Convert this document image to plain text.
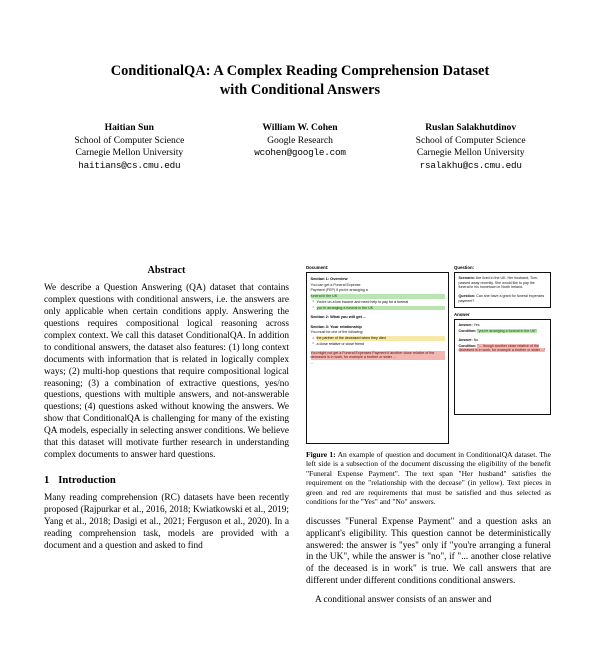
ConditionalQA: A Complex Reading Comprehension Dataset
with Conditional Answers
Haitian Sun
School of Computer Science
Carnegie Mellon University
haitians@cs.cmu.edu
William W. Cohen
Google Research
wcohen@google.com
Ruslan Salakhutdinov
School of Computer Science
Carnegie Mellon University
rsalakhu@cs.cmu.edu
Abstract

We describe a Question Answering (QA) dataset that contains complex questions with conditional answers, i.e. the answers are only applicable when certain conditions apply. Answering the questions requires compositional logical reasoning across complex context. We call this dataset ConditionalQA. In addition to conditional answers, the dataset also features: (1) long context documents with information that is related in logically complex ways; (2) multi-hop questions that require compositional logical reasoning; (3) a combination of extractive questions, yes/no questions, questions with multiple answers, and not-answerable questions; (4) questions asked without knowing the answers. We show that ConditionalQA is challenging for many of the existing QA models, especially in selecting answer conditions. We believe that this dataset will motivate further research in understanding complex documents to answer hard questions.

1 Introduction

Many reading comprehension (RC) datasets have been recently proposed (Rajpurkar et al., 2016, 2018; Kwiatkowski et al., 2019; Yang et al., 2018; Dasigi et al., 2021; Ferguson et al., 2020). In a reading comprehension task, models are provided with a document and a question and asked to find

Document:
Section 1: Overview
You can get a Funeral Expense
Payment (FEP) if you're arranging a
funeral in the UK
▪ You're on a low income and need help to pay for a funeral
▪ you're arranging a funeral in the UK
Section 2: What you will get ...
Section 3: Your relationship
You must be one of the following:
▪ the partner of the deceased when they died
▪ a close relative or close friend
You might not get a Funeral Expenses Payment if another close relative of the deceased is in work, for example a brother or sister ...
...
Question:
Scenario: Are lived in the UK. Her husband, Tom, passed away recently. She would like to pay the funeral in his hometown in North Ireland.
Question: Can she have a grant for funeral expenses payment?
Answer
Answer: Yes
Condition: "you're arranging a funeral in the UK"
Answer: No
Condition: "... though another close relative of the deceased is in work, for example a brother or sister ..."
Figure 1: An example of question and document in ConditionalQA dataset. The left side is a subsection of the document discussing the eligibility of the benefit "Funeral Expense Payment". The text span "Her husband" satisfies the requirement on the "relationship with the decease" (in yellow). Text pieces in green and red are requirements that must be satisfied and thus selected as conditions for the "Yes" and "No" answers.

discusses "Funeral Expense Payment" and a question asks an applicant's eligibility. This question cannot be deterministically answered: the answer is "yes" only if "you're arranging a funeral in the UK", while the answer is "no", if "... another close relative of the deceased is in work" is true. We call answers that are different under different conditions conditional answers.

A conditional answer consists of an answer and
